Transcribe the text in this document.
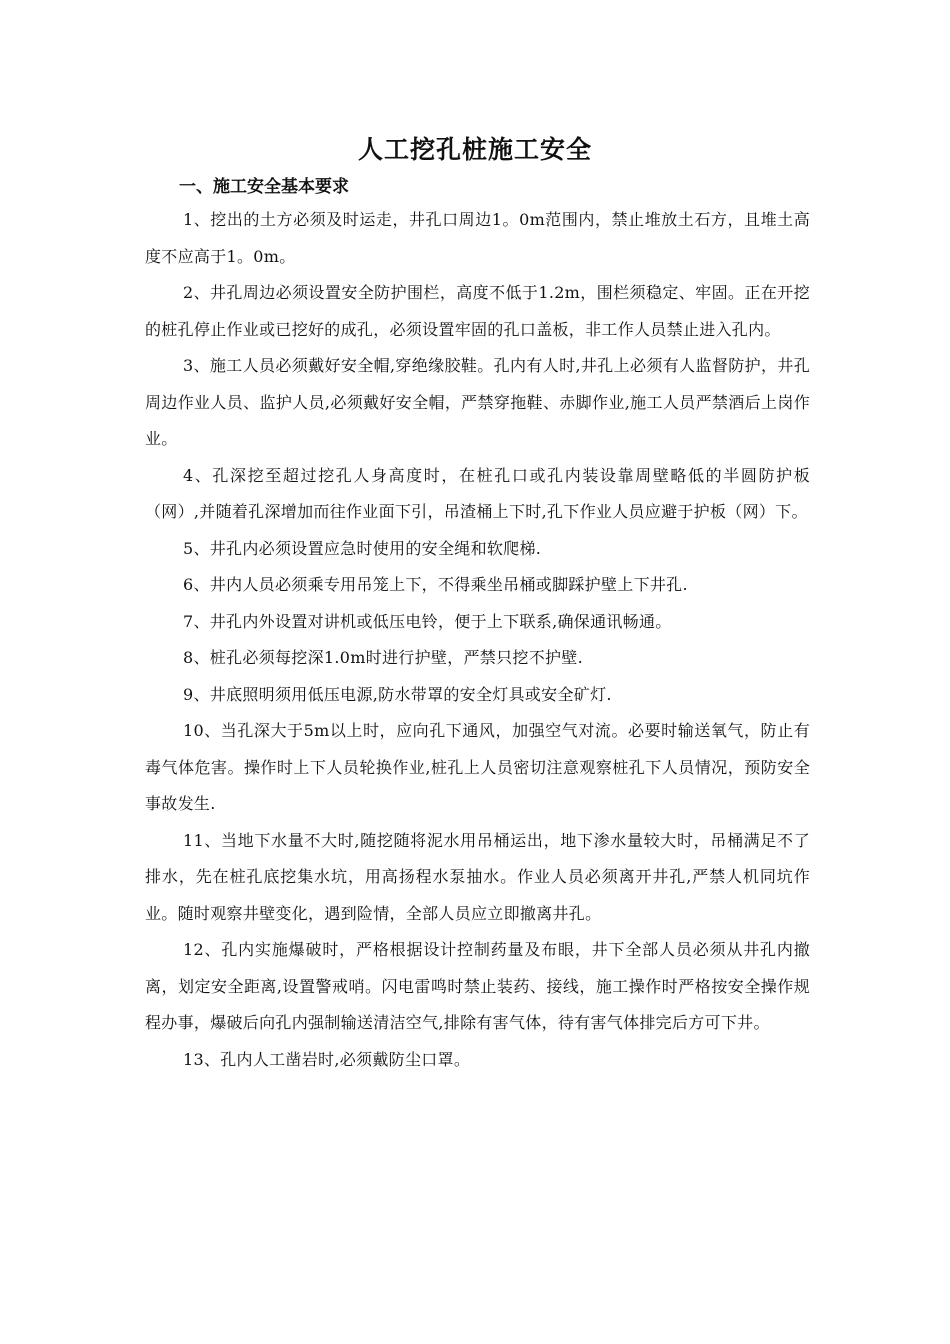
人工挖孔桩施工安全

一、施工安全基本要求

1、挖出的土方必须及时运走，井孔口周边1。0m范围内，禁止堆放土石方，且堆土高度不应高于1。0m。

2、井孔周边必须设置安全防护围栏，高度不低于1.2m，围栏须稳定、牢固。正在开挖的桩孔停止作业或已挖好的成孔，必须设置牢固的孔口盖板，非工作人员禁止进入孔内。

3、施工人员必须戴好安全帽,穿绝缘胶鞋。孔内有人时,井孔上必须有人监督防护，井孔周边作业人员、监护人员,必须戴好安全帽，严禁穿拖鞋、赤脚作业,施工人员严禁酒后上岗作业。

4、孔深挖至超过挖孔人身高度时，在桩孔口或孔内装设靠周壁略低的半圆防护板（网）,并随着孔深增加而往作业面下引，吊渣桶上下时,孔下作业人员应避于护板（网）下。

5、井孔内必须设置应急时使用的安全绳和软爬梯.

6、井内人员必须乘专用吊笼上下，不得乘坐吊桶或脚踩护壁上下井孔.

7、井孔内外设置对讲机或低压电铃，便于上下联系,确保通讯畅通。

8、桩孔必须每挖深1.0m时进行护壁，严禁只挖不护壁.

9、井底照明须用低压电源,防水带罩的安全灯具或安全矿灯.

10、当孔深大于5m以上时，应向孔下通风，加强空气对流。必要时输送氧气，防止有毒气体危害。操作时上下人员轮换作业,桩孔上人员密切注意观察桩孔下人员情况，预防安全事故发生.

11、当地下水量不大时,随挖随将泥水用吊桶运出，地下渗水量较大时，吊桶满足不了排水，先在桩孔底挖集水坑，用高扬程水泵抽水。作业人员必须离开井孔,严禁人机同坑作业。随时观察井壁变化，遇到险情，全部人员应立即撤离井孔。

12、孔内实施爆破时，严格根据设计控制药量及布眼，井下全部人员必须从井孔内撤离，划定安全距离,设置警戒哨。闪电雷鸣时禁止装药、接线，施工操作时严格按安全操作规程办事，爆破后向孔内强制输送清洁空气,排除有害气体，待有害气体排完后方可下井。

13、孔内人工凿岩时,必须戴防尘口罩。
